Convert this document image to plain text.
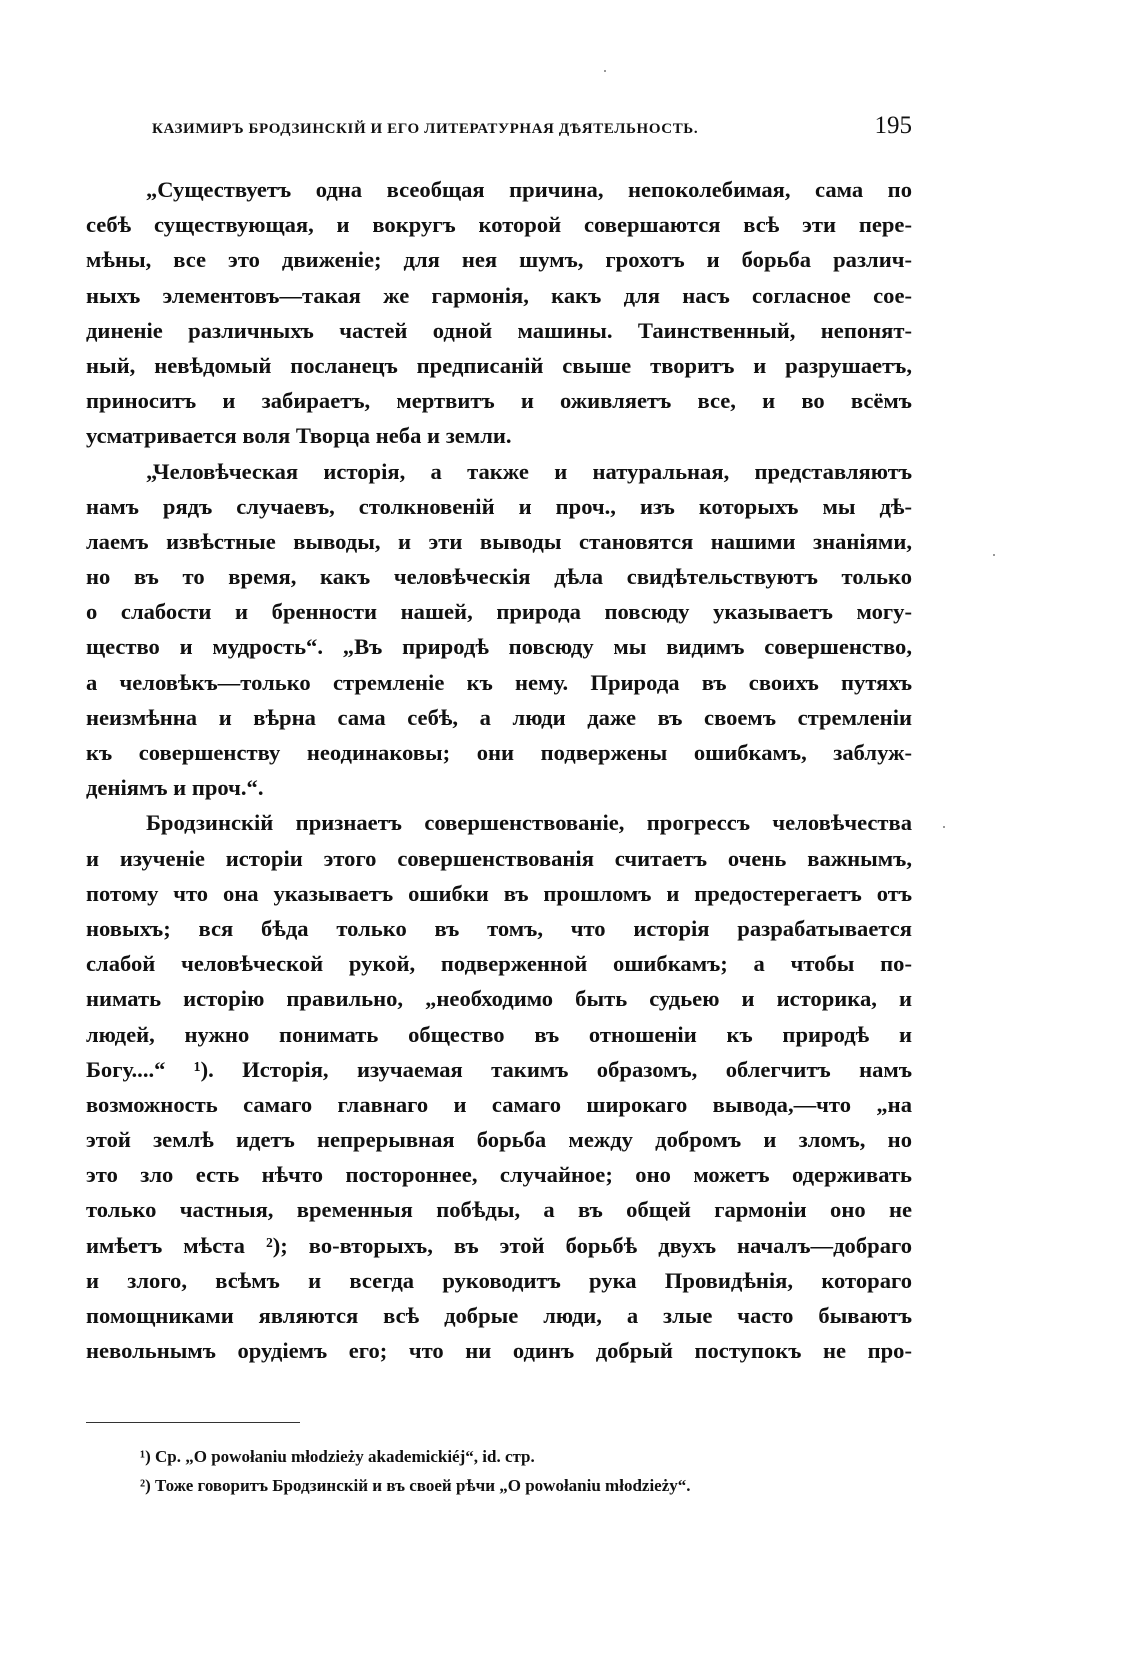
КАЗИМИРЪ БРОДЗИНСКІЙ И ЕГО ЛИТЕРАТУРНАЯ ДѢЯТЕЛЬНОСТЬ.	195
„Существуетъ одна всеобщая причина, непоколебимая, сама по
себѣ существующая, и вокругъ которой совершаются всѣ эти пере-
мѣны, все это движеніе; для нея шумъ, грохотъ и борьба различ-
ныхъ элементовъ—такая же гармонія, какъ для насъ согласное сое-
диненіе различныхъ частей одной машины. Таинственный, непонят-
ный, невѣдомый посланецъ предписаній свыше творитъ и разрушаетъ,
приноситъ и забираетъ, мертвитъ и оживляетъ все, и во всёмъ
усматривается воля Творца неба и земли.
„Человѣческая исторія, а также и натуральная, представляютъ
намъ рядъ случаевъ, столкновеній и проч., изъ которыхъ мы дѣ-
лаемъ извѣстные выводы, и эти выводы становятся нашими знаніями,
но въ то время, какъ человѣческія дѣла свидѣтельствуютъ только
о слабости и бренности нашей, природа повсюду указываетъ могу-
щество и мудрость“. „Въ природѣ повсюду мы видимъ совершенство,
а человѣкъ—только стремленіе къ нему. Природа въ своихъ путяхъ
неизмѣнна и вѣрна сама себѣ, а люди даже въ своемъ стремленіи
къ совершенству неодинаковы; они подвержены ошибкамъ, заблуж-
деніямъ и проч.“.
Бродзинскій признаетъ совершенствованіе, прогрессъ человѣчества
и изученіе исторіи этого совершенствованія считаетъ очень важнымъ,
потому что она указываетъ ошибки въ прошломъ и предостерегаетъ отъ
новыхъ; вся бѣда только въ томъ, что исторія разрабатывается
слабой человѣческой рукой, подверженной ошибкамъ; а чтобы по-
нимать исторію правильно, „необходимо быть судьею и историка, и
людей, нужно понимать общество въ отношеніи къ природѣ и
Богу....“ ¹). Исторія, изучаемая такимъ образомъ, облегчитъ намъ
возможность самаго главнаго и самаго широкаго вывода,—что „на
этой землѣ идетъ непрерывная борьба между добромъ и зломъ, но
это зло есть нѣчто постороннее, случайное; оно можетъ одерживать
только частныя, временныя побѣды, а въ общей гармоніи оно не
имѣетъ мѣста ²); во-вторыхъ, въ этой борьбѣ двухъ началъ—добраго
и злого, всѣмъ и всегда руководитъ рука Провидѣнія, котораго
помощниками являются всѣ добрые люди, а злые часто бываютъ
невольнымъ орудіемъ его; что ни одинъ добрый поступокъ не про-
¹) Ср. „O powołaniu młodzieży akademickiéj“, id. стр.
²) Тоже говоритъ Бродзинскій и въ своей рѣчи „O powołaniu młodzieży“.
